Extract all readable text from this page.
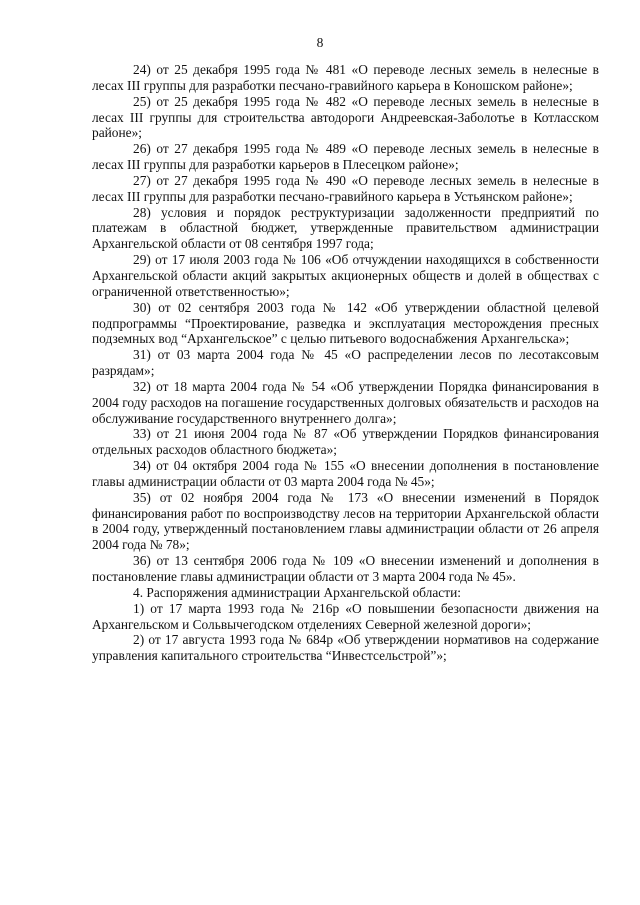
8

24) от 25 декабря 1995 года № 481 «О переводе лесных земель в нелесные в лесах III группы для разработки песчано-гравийного карьера в Коношском районе»;

25) от 25 декабря 1995 года № 482 «О переводе лесных земель в нелесные в лесах III группы для строительства автодороги Андреевская-Заболотье в Котласском районе»;

26) от 27 декабря 1995 года № 489 «О переводе лесных земель в нелесные в лесах III группы для разработки карьеров в Плесецком районе»;

27) от 27 декабря 1995 года № 490 «О переводе лесных земель в нелесные в лесах III группы для разработки песчано-гравийного карьера в Устьянском районе»;

28) условия и порядок реструктуризации задолженности предприятий по платежам в областной бюджет, утвержденные правительством администрации Архангельской области от 08 сентября 1997 года;

29) от 17 июля 2003 года № 106 «Об отчуждении находящихся в собственности Архангельской области акций закрытых акционерных обществ и долей в обществах с ограниченной ответственностью»;

30) от 02 сентября 2003 года № 142 «Об утверждении областной целевой подпрограммы “Проектирование, разведка и эксплуатация месторождения пресных подземных вод “Архангельское” с целью питьевого водоснабжения Архангельска»;

31) от 03 марта 2004 года № 45 «О распределении лесов по лесотаксовым разрядам»;

32) от 18 марта 2004 года № 54 «Об утверждении Порядка финансирования в 2004 году расходов на погашение государственных долговых обязательств и расходов на обслуживание государственного внутреннего долга»;

33) от 21 июня 2004 года № 87 «Об утверждении Порядков финансирования отдельных расходов областного бюджета»;

34) от 04 октября 2004 года № 155 «О внесении дополнения в постановление главы администрации области от 03 марта 2004 года № 45»;

35) от 02 ноября 2004 года № 173 «О внесении изменений в Порядок финансирования работ по воспроизводству лесов на территории Архангельской области в 2004 году, утвержденный постановлением главы администрации области от 26 апреля 2004 года № 78»;

36) от 13 сентября 2006 года № 109 «О внесении изменений и дополнения в постановление главы администрации области от 3 марта 2004 года № 45».

4. Распоряжения администрации Архангельской области:

1) от 17 марта 1993 года № 216р «О повышении безопасности движения на Архангельском и Сольвычегодском отделениях Северной железной дороги»;

2) от 17 августа 1993 года № 684р «Об утверждении нормативов на содержание управления капитального строительства “Инвестсельстрой”»;
